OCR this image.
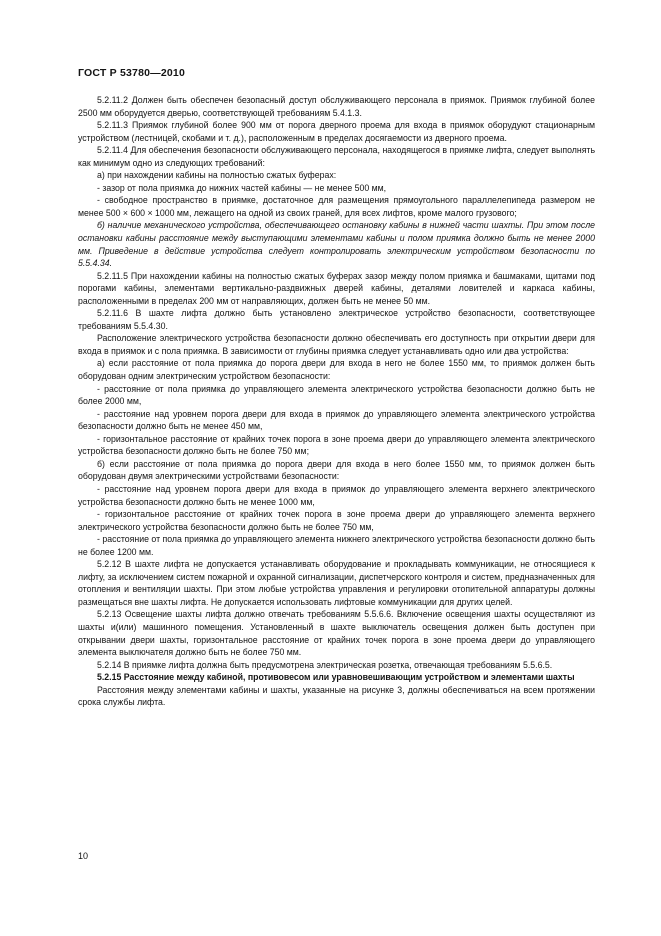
ГОСТ Р 53780—2010

5.2.11.2 Должен быть обеспечен безопасный доступ обслуживающего персонала в приямок. Приямок глубиной более 2500 мм оборудуется дверью, соответствующей требованиям 5.4.1.3.

5.2.11.3 Приямок глубиной более 900 мм от порога дверного проема для входа в приямок оборудуют стационарным устройством (лестницей, скобами и т. д.), расположенным в пределах досягаемости из дверного проема.

5.2.11.4 Для обеспечения безопасности обслуживающего персонала, находящегося в приямке лифта, следует выполнять как минимум одно из следующих требований:

а) при нахождении кабины на полностью сжатых буферах:

- зазор от пола приямка до нижних частей кабины — не менее 500 мм,

- свободное пространство в приямке, достаточное для размещения прямоугольного параллелепипеда размером не менее 500 × 600 × 1000 мм, лежащего на одной из своих граней, для всех лифтов, кроме малого грузового;

б) наличие механического устройства, обеспечивающего остановку кабины в нижней части шахты. При этом после остановки кабины расстояние между выступающими элементами кабины и полом приямка должно быть не менее 2000 мм. Приведение в действие устройства следует контролировать электрическим устройством безопасности по 5.5.4.34.

5.2.11.5 При нахождении кабины на полностью сжатых буферах зазор между полом приямка и башмаками, щитами под порогами кабины, элементами вертикально-раздвижных дверей кабины, деталями ловителей и каркаса кабины, расположенными в пределах 200 мм от направляющих, должен быть не менее 50 мм.

5.2.11.6 В шахте лифта должно быть установлено электрическое устройство безопасности, соответствующее требованиям 5.5.4.30.

Расположение электрического устройства безопасности должно обеспечивать его доступность при открытии двери для входа в приямок и с пола приямка. В зависимости от глубины приямка следует устанавливать одно или два устройства:

а) если расстояние от пола приямка до порога двери для входа в него не более 1550 мм, то приямок должен быть оборудован одним электрическим устройством безопасности:

- расстояние от пола приямка до управляющего элемента электрического устройства безопасности должно быть не более 2000 мм,

- расстояние над уровнем порога двери для входа в приямок до управляющего элемента электрического устройства безопасности должно быть не менее 450 мм,

- горизонтальное расстояние от крайних точек порога в зоне проема двери до управляющего элемента электрического устройства безопасности должно быть не более 750 мм;

б) если расстояние от пола приямка до порога двери для входа в него более 1550 мм, то приямок должен быть оборудован двумя электрическими устройствами безопасности:

- расстояние над уровнем порога двери для входа в приямок до управляющего элемента верхнего электрического устройства безопасности должно быть не менее 1000 мм,

- горизонтальное расстояние от крайних точек порога в зоне проема двери до управляющего элемента верхнего электрического устройства безопасности должно быть не более 750 мм,

- расстояние от пола приямка до управляющего элемента нижнего электрического устройства безопасности должно быть не более 1200 мм.

5.2.12 В шахте лифта не допускается устанавливать оборудование и прокладывать коммуникации, не относящиеся к лифту, за исключением систем пожарной и охранной сигнализации, диспетчерского контроля и систем, предназначенных для отопления и вентиляции шахты. При этом любые устройства управления и регулировки отопительной аппаратуры должны размещаться вне шахты лифта. Не допускается использовать лифтовые коммуникации для других целей.

5.2.13 Освещение шахты лифта должно отвечать требованиям 5.5.6.6. Включение освещения шахты осуществляют из шахты и(или) машинного помещения. Установленный в шахте выключатель освещения должен быть доступен при открывании двери шахты, горизонтальное расстояние от крайних точек порога в зоне проема двери до управляющего элемента выключателя должно быть не более 750 мм.

5.2.14 В приямке лифта должна быть предусмотрена электрическая розетка, отвечающая требованиям 5.5.6.5.

5.2.15 Расстояние между кабиной, противовесом или уравновешивающим устройством и элементами шахты

Расстояния между элементами кабины и шахты, указанные на рисунке 3, должны обеспечиваться на всем протяжении срока службы лифта.

10
